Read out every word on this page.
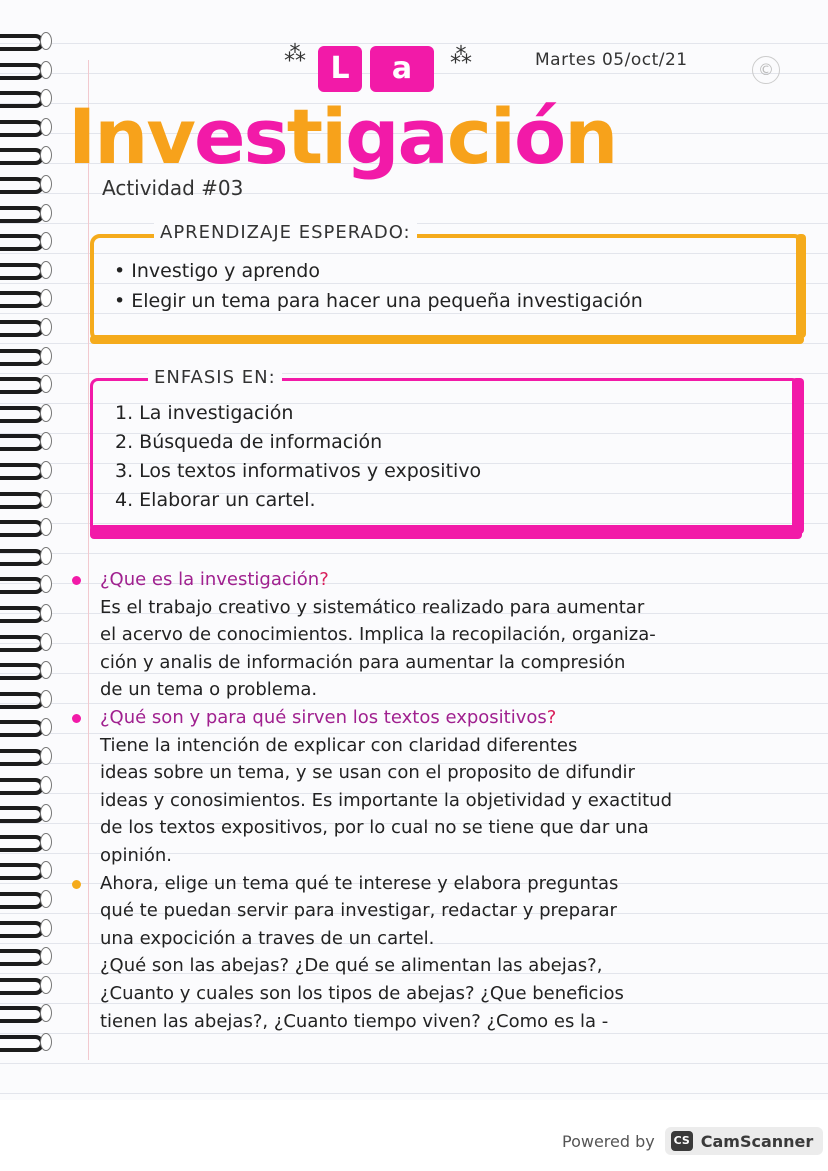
⁂ L	a	⁂	Martes 05/oct/21	©
Investigación
Actividad #03
APRENDIZAJE ESPERADO:
• Investigo y aprendo
• Elegir un tema para hacer una pequeña investigación
ENFASIS EN:
1. La investigación
2. Búsqueda de información
3. Los textos informativos y expositivo
4. Elaborar un cartel.

¿Que es la investigación?

Es el trabajo creativo y sistemático realizado para aumentar

el acervo de conocimientos. Implica la recopilación, organiza-

ción y analis de información para aumentar la compresión

de un tema o problema.

¿Qué son y para qué sirven los textos expositivos?

Tiene la intención de explicar con claridad diferentes

ideas sobre un tema, y se usan con el proposito de difundir

ideas y conosimientos. Es importante la objetividad y exactitud

de los textos expositivos, por lo cual no se tiene que dar una

opinión.

Ahora, elige un tema qué te interese y elabora preguntas

qué te puedan servir para investigar, redactar y preparar

una expocición a traves de un cartel.

¿Qué son las abejas? ¿De qué se alimentan las abejas?,

¿Cuanto y cuales son los tipos de abejas? ¿Que beneficios

tienen las abejas?, ¿Cuanto tiempo viven? ¿Como es la -

Powered by CS CamScanner
